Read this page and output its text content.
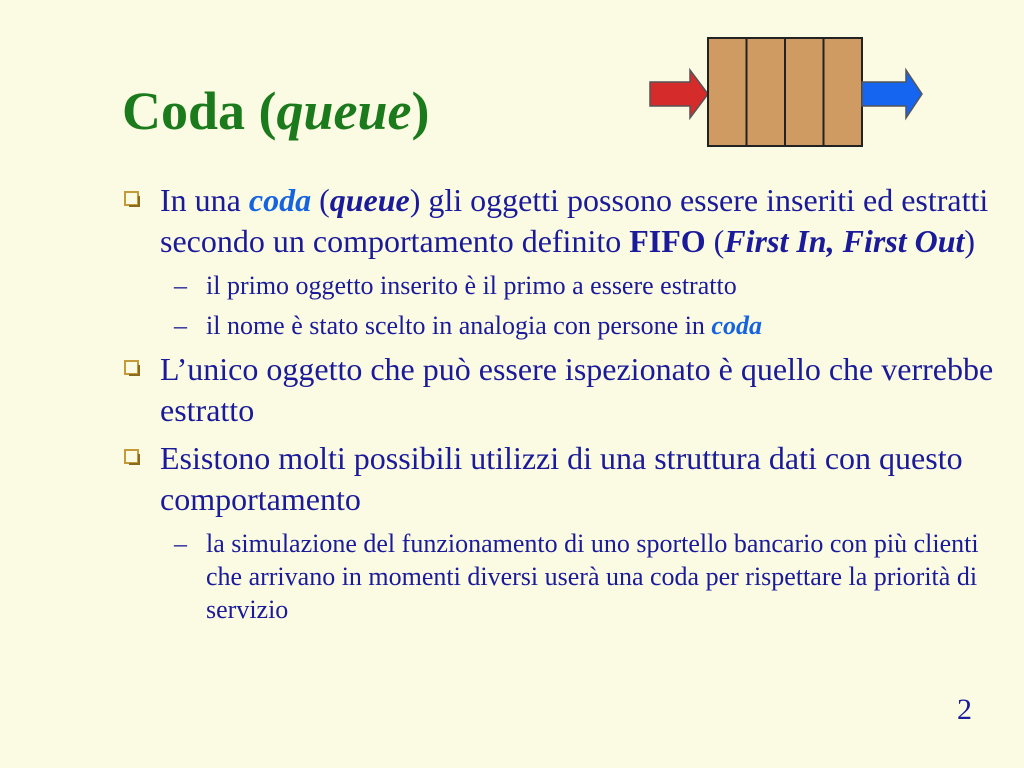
Coda (queue)
In una coda (queue) gli oggetti possono essere inseriti ed estratti secondo un comportamento definito FIFO (First In, First Out)
– il primo oggetto inserito è il primo a essere estratto
– il nome è stato scelto in analogia con persone in coda
L’unico oggetto che può essere ispezionato è quello che verrebbe estratto
Esistono molti possibili utilizzi di una struttura dati con questo comportamento
– la simulazione del funzionamento di uno sportello bancario con più clienti che arrivano in momenti diversi userà una coda per rispettare la priorità di servizio
2
